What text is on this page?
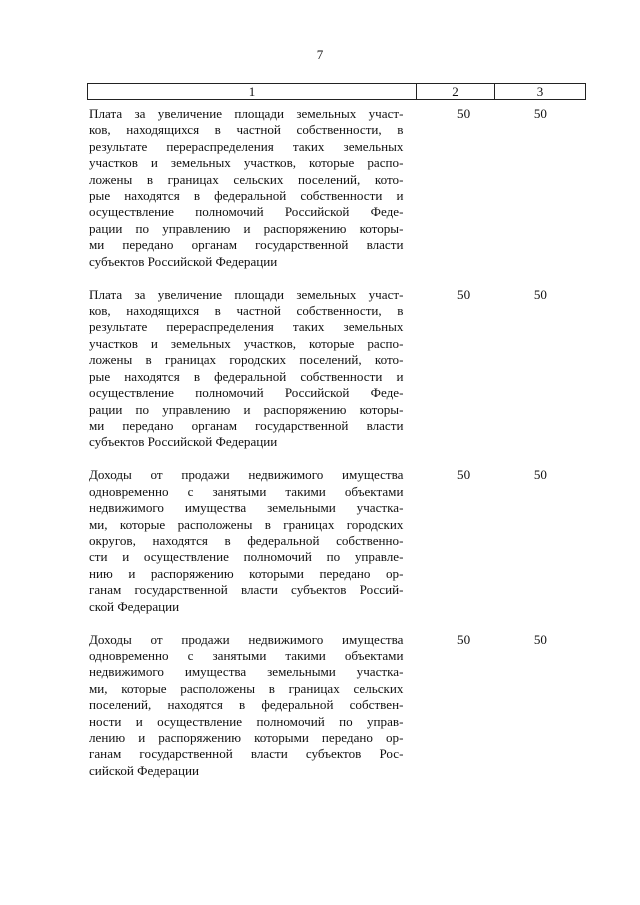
7
1	2	3
Плата за увеличение площади земельных участ-
ков, находящихся в частной собственности, в
результате перераспределения таких земельных
участков и земельных участков, которые распо-
ложены в границах сельских поселений, кото-
рые находятся в федеральной собственности и
осуществление полномочий Российской Феде-
рации по управлению и распоряжению которы-
ми передано органам государственной власти
субъектов Российской Федерации
50	50
Плата за увеличение площади земельных участ-
ков, находящихся в частной собственности, в
результате перераспределения таких земельных
участков и земельных участков, которые распо-
ложены в границах городских поселений, кото-
рые находятся в федеральной собственности и
осуществление полномочий Российской Феде-
рации по управлению и распоряжению которы-
ми передано органам государственной власти
субъектов Российской Федерации
50	50
Доходы от продажи недвижимого имущества
одновременно с занятыми такими объектами
недвижимого имущества земельными участка-
ми, которые расположены в границах городских
округов, находятся в федеральной собственно-
сти и осуществление полномочий по управле-
нию и распоряжению которыми передано ор-
ганам государственной власти субъектов Россий-
ской Федерации
50	50
Доходы от продажи недвижимого имущества
одновременно с занятыми такими объектами
недвижимого имущества земельными участка-
ми, которые расположены в границах сельских
поселений, находятся в федеральной собствен-
ности и осуществление полномочий по управ-
лению и распоряжению которыми передано ор-
ганам государственной власти субъектов Рос-
сийской Федерации
50	50
